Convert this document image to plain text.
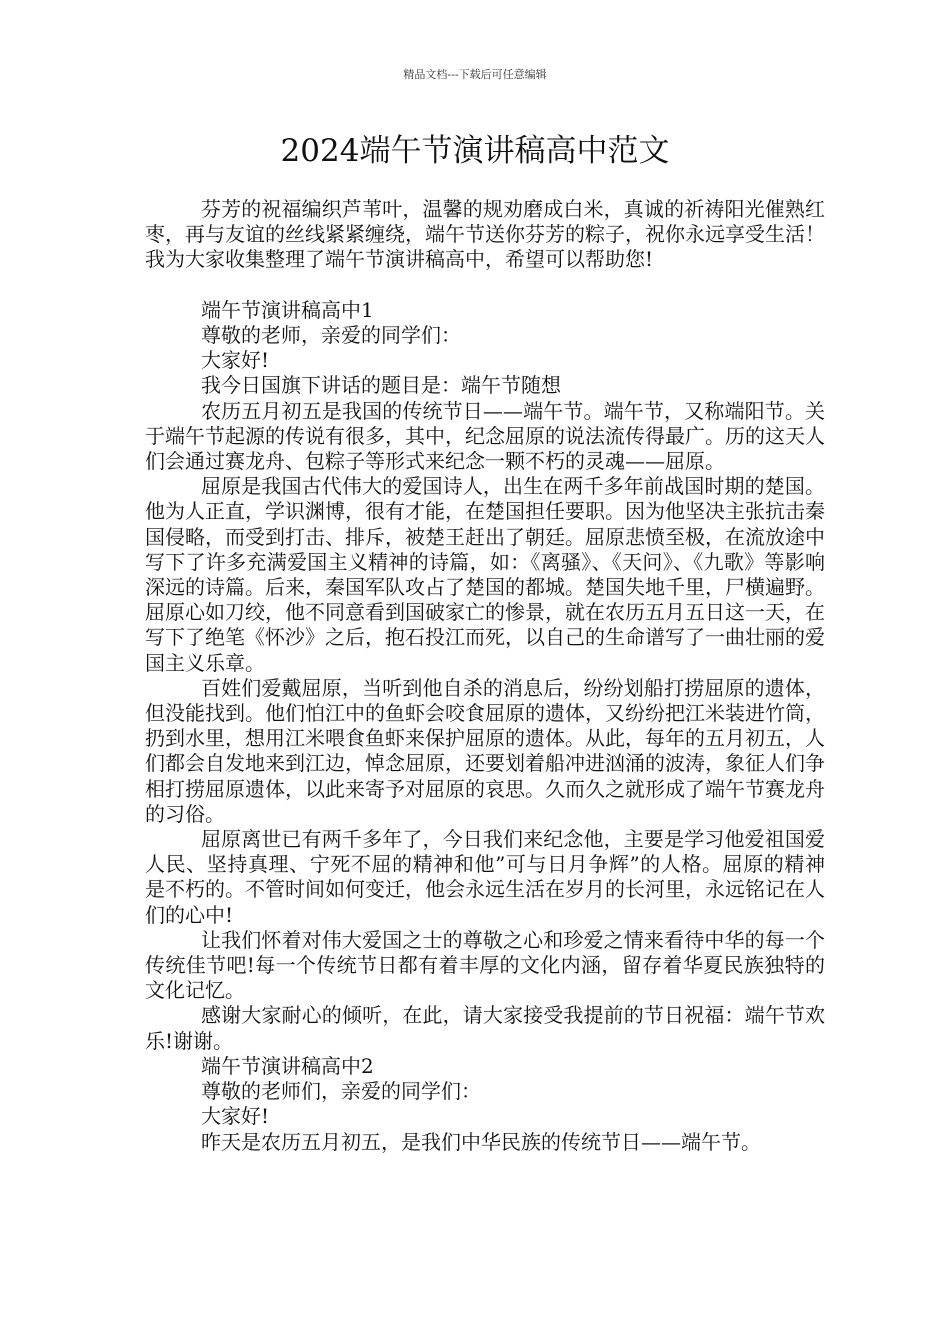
精品文档---下载后可任意编辑
2024端午节演讲稿高中范文

芬芳的祝福编织芦苇叶，温馨的规劝磨成白米，真诚的祈祷阳光催熟红枣，再与友谊的丝线紧紧缠绕，端午节送你芬芳的粽子，祝你永远享受生活！我为大家收集整理了端午节演讲稿高中，希望可以帮助您!

端午节演讲稿高中1

尊敬的老师，亲爱的同学们：

大家好!

我今日国旗下讲话的题目是：端午节随想

农历五月初五是我国的传统节日——端午节。端午节，又称端阳节。关于端午节起源的传说有很多，其中，纪念屈原的说法流传得最广。历的这天人们会通过赛龙舟、包粽子等形式来纪念一颗不朽的灵魂——屈原。

屈原是我国古代伟大的爱国诗人，出生在两千多年前战国时期的楚国。他为人正直，学识渊博，很有才能，在楚国担任要职。因为他坚决主张抗击秦国侵略，而受到打击、排斥，被楚王赶出了朝廷。屈原悲愤至极，在流放途中写下了许多充满爱国主义精神的诗篇，如：《离骚》、《天问》、《九歌》等影响深远的诗篇。后来，秦国军队攻占了楚国的都城。楚国失地千里，尸横遍野。屈原心如刀绞，他不同意看到国破家亡的惨景，就在农历五月五日这一天，在写下了绝笔《怀沙》之后，抱石投江而死，以自己的生命谱写了一曲壮丽的爱国主义乐章。

百姓们爱戴屈原，当听到他自杀的消息后，纷纷划船打捞屈原的遗体，但没能找到。他们怕江中的鱼虾会咬食屈原的遗体，又纷纷把江米装进竹筒，扔到水里，想用江米喂食鱼虾来保护屈原的遗体。从此，每年的五月初五，人们都会自发地来到江边，悼念屈原，还要划着船冲进汹涌的波涛，象征人们争相打捞屈原遗体，以此来寄予对屈原的哀思。久而久之就形成了端午节赛龙舟的习俗。

屈原离世已有两千多年了，今日我们来纪念他，主要是学习他爱祖国爱人民、坚持真理、宁死不屈的精神和他”可与日月争辉”的人格。屈原的精神是不朽的。不管时间如何变迁，他会永远生活在岁月的长河里，永远铭记在人们的心中!

让我们怀着对伟大爱国之士的尊敬之心和珍爱之情来看待中华的每一个传统佳节吧!每一个传统节日都有着丰厚的文化内涵，留存着华夏民族独特的文化记忆。

感谢大家耐心的倾听，在此，请大家接受我提前的节日祝福：端午节欢乐!谢谢。

端午节演讲稿高中2

尊敬的老师们，亲爱的同学们：

大家好!

昨天是农历五月初五，是我们中华民族的传统节日——端午节。
